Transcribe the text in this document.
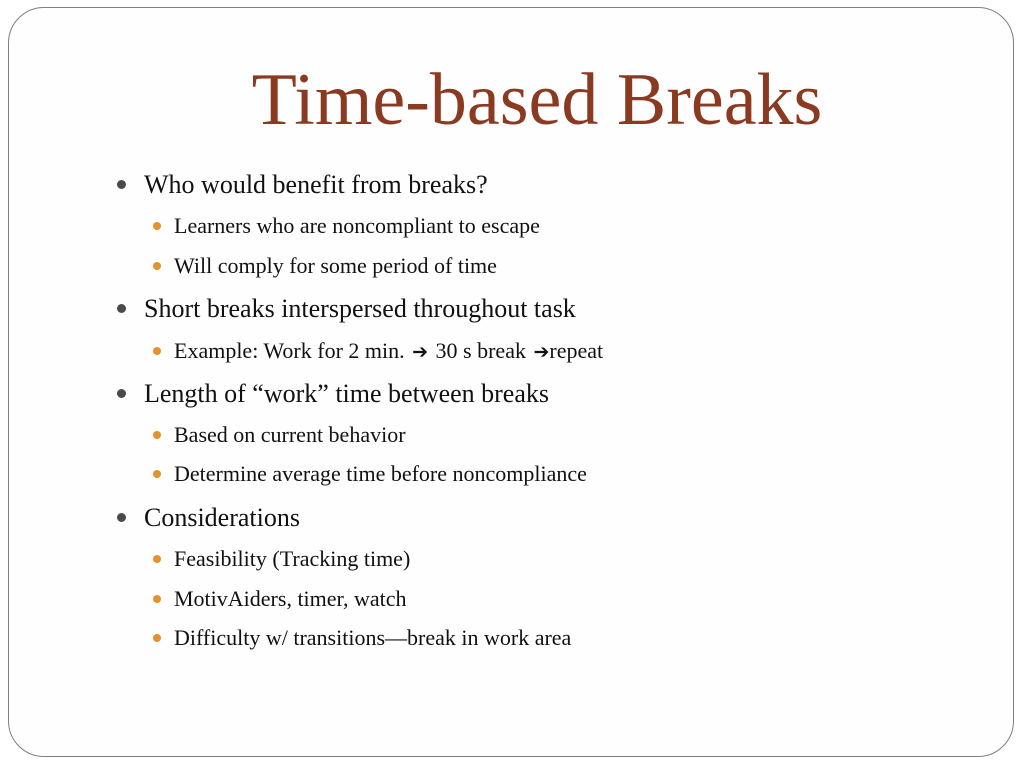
Time-based Breaks
Who would benefit from breaks?
Learners who are noncompliant to escape
Will comply for some period of time
Short breaks interspersed throughout task
Example: Work for 2 min. ➔ 30 s break ➔repeat
Length of “work” time between breaks
Based on current behavior
Determine average time before noncompliance
Considerations
Feasibility (Tracking time)
MotivAiders, timer, watch
Difficulty w/ transitions—break in work area
